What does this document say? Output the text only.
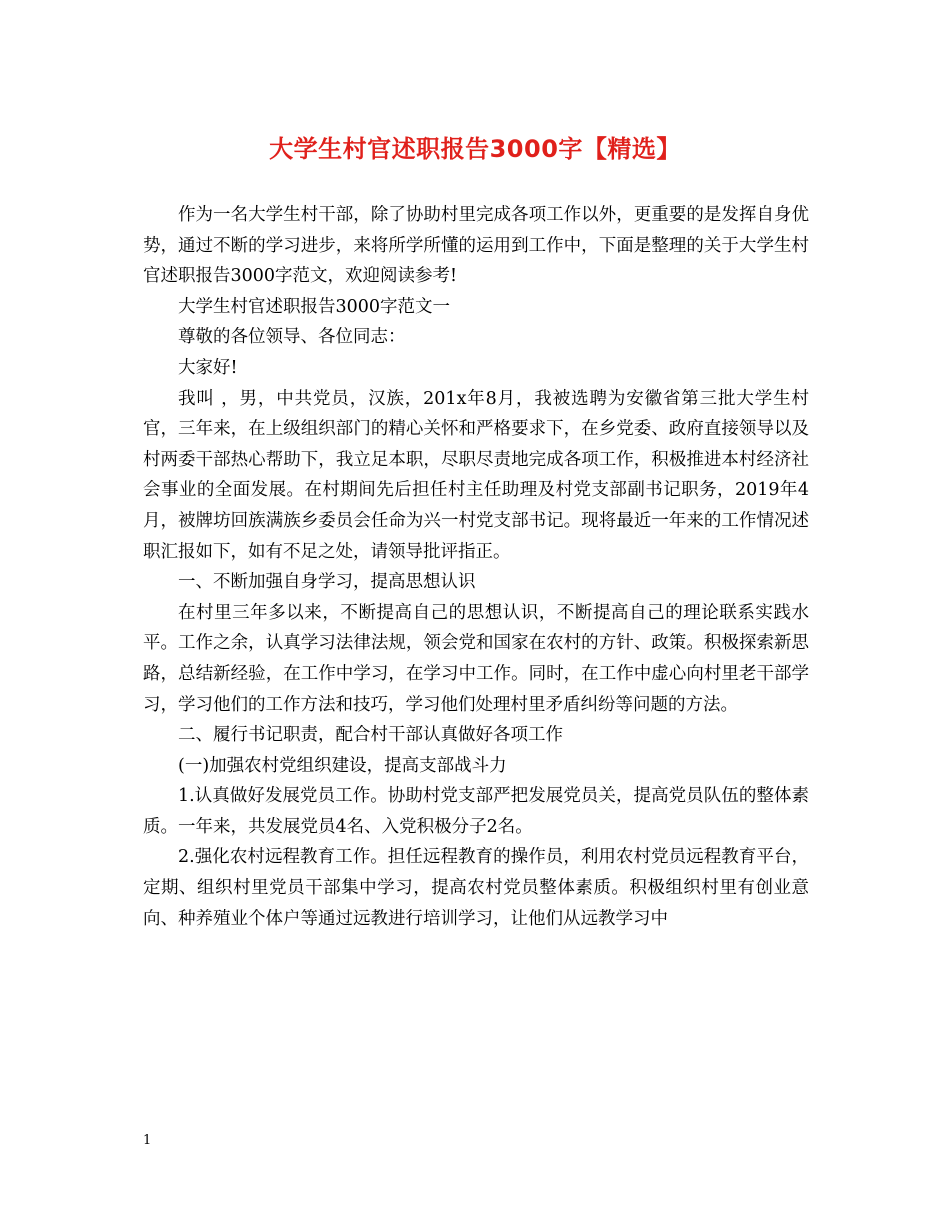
大学生村官述职报告3000字【精选】

作为一名大学生村干部，除了协助村里完成各项工作以外，更重要的是发挥自身优势，通过不断的学习进步，来将所学所懂的运用到工作中，下面是整理的关于大学生村官述职报告3000字范文，欢迎阅读参考!

大学生村官述职报告3000字范文一

尊敬的各位领导、各位同志：

大家好!

我叫 ，男，中共党员，汉族，201x年8月，我被选聘为安徽省第三批大学生村官，三年来，在上级组织部门的精心关怀和严格要求下，在乡党委、政府直接领导以及村两委干部热心帮助下，我立足本职，尽职尽责地完成各项工作，积极推进本村经济社会事业的全面发展。在村期间先后担任村主任助理及村党支部副书记职务，2019年4月，被牌坊回族满族乡委员会任命为兴一村党支部书记。现将最近一年来的工作情况述职汇报如下，如有不足之处，请领导批评指正。

一、不断加强自身学习，提高思想认识

在村里三年多以来，不断提高自己的思想认识，不断提高自己的理论联系实践水平。工作之余，认真学习法律法规，领会党和国家在农村的方针、政策。积极探索新思路，总结新经验，在工作中学习，在学习中工作。同时，在工作中虚心向村里老干部学习，学习他们的工作方法和技巧，学习他们处理村里矛盾纠纷等问题的方法。

二、履行书记职责，配合村干部认真做好各项工作

(一)加强农村党组织建设，提高支部战斗力

1.认真做好发展党员工作。协助村党支部严把发展党员关，提高党员队伍的整体素质。一年来，共发展党员4名、入党积极分子2名。

2.强化农村远程教育工作。担任远程教育的操作员，利用农村党员远程教育平台，定期、组织村里党员干部集中学习，提高农村党员整体素质。积极组织村里有创业意向、种养殖业个体户等通过远教进行培训学习，让他们从远教学习中

1
